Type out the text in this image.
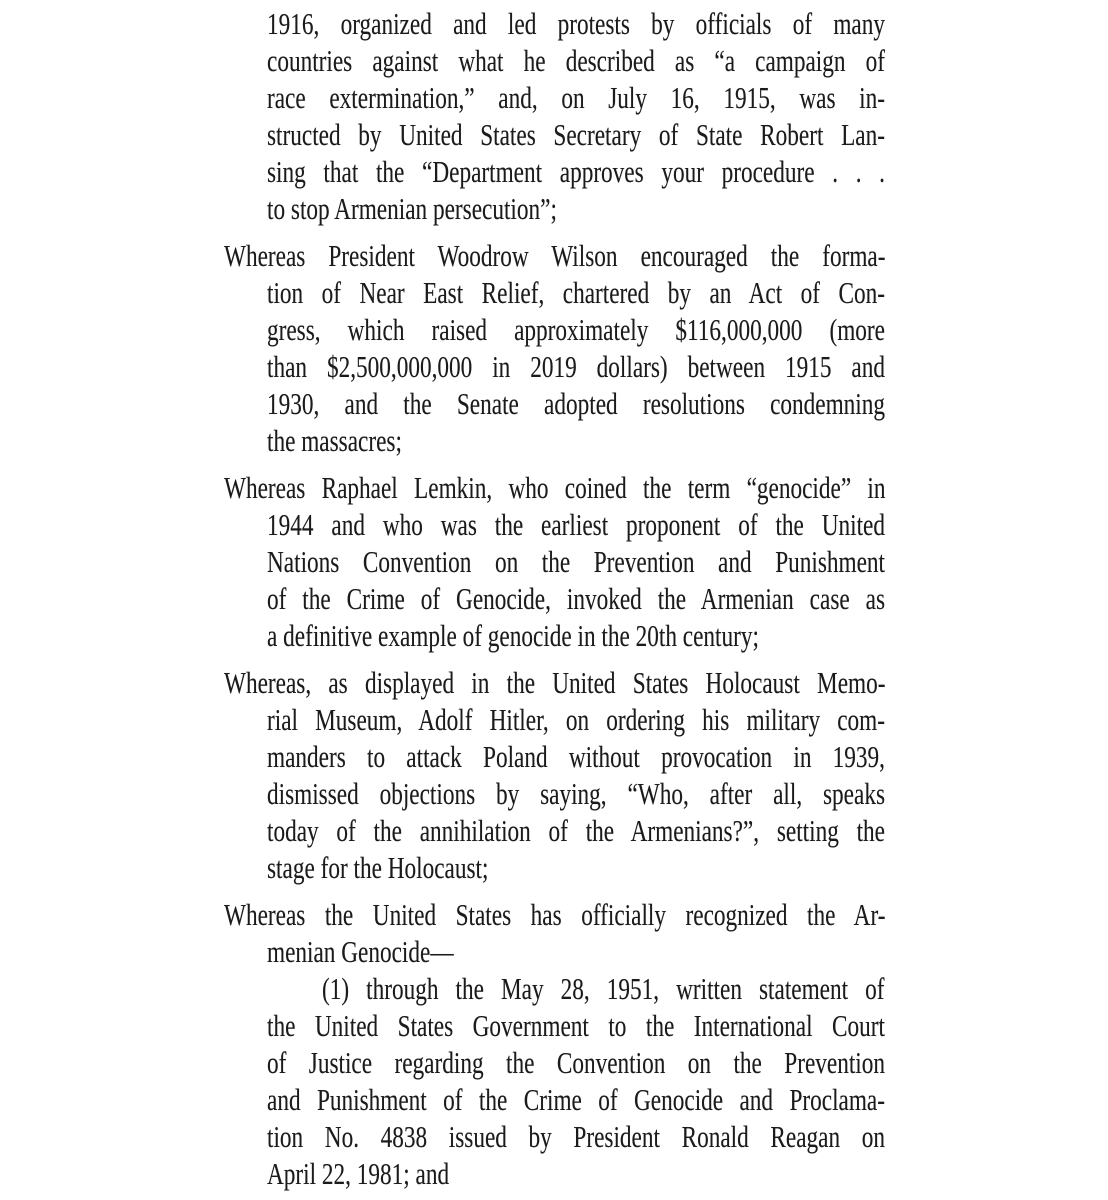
1916, organized and led protests by officials of many
countries against what he described as “a campaign of
race extermination,” and, on July 16, 1915, was in-
structed by United States Secretary of State Robert Lan-
sing that the “Department approves your procedure . . .
to stop Armenian persecution”;
Whereas President Woodrow Wilson encouraged the forma-
tion of Near East Relief, chartered by an Act of Con-
gress, which raised approximately $116,000,000 (more
than $2,500,000,000 in 2019 dollars) between 1915 and
1930, and the Senate adopted resolutions condemning
the massacres;
Whereas Raphael Lemkin, who coined the term “genocide” in
1944 and who was the earliest proponent of the United
Nations Convention on the Prevention and Punishment
of the Crime of Genocide, invoked the Armenian case as
a definitive example of genocide in the 20th century;
Whereas, as displayed in the United States Holocaust Memo-
rial Museum, Adolf Hitler, on ordering his military com-
manders to attack Poland without provocation in 1939,
dismissed objections by saying, “Who, after all, speaks
today of the annihilation of the Armenians?”, setting the
stage for the Holocaust;
Whereas the United States has officially recognized the Ar-
menian Genocide—
(1) through the May 28, 1951, written statement of
the United States Government to the International Court
of Justice regarding the Convention on the Prevention
and Punishment of the Crime of Genocide and Proclama-
tion No. 4838 issued by President Ronald Reagan on
April 22, 1981; and
